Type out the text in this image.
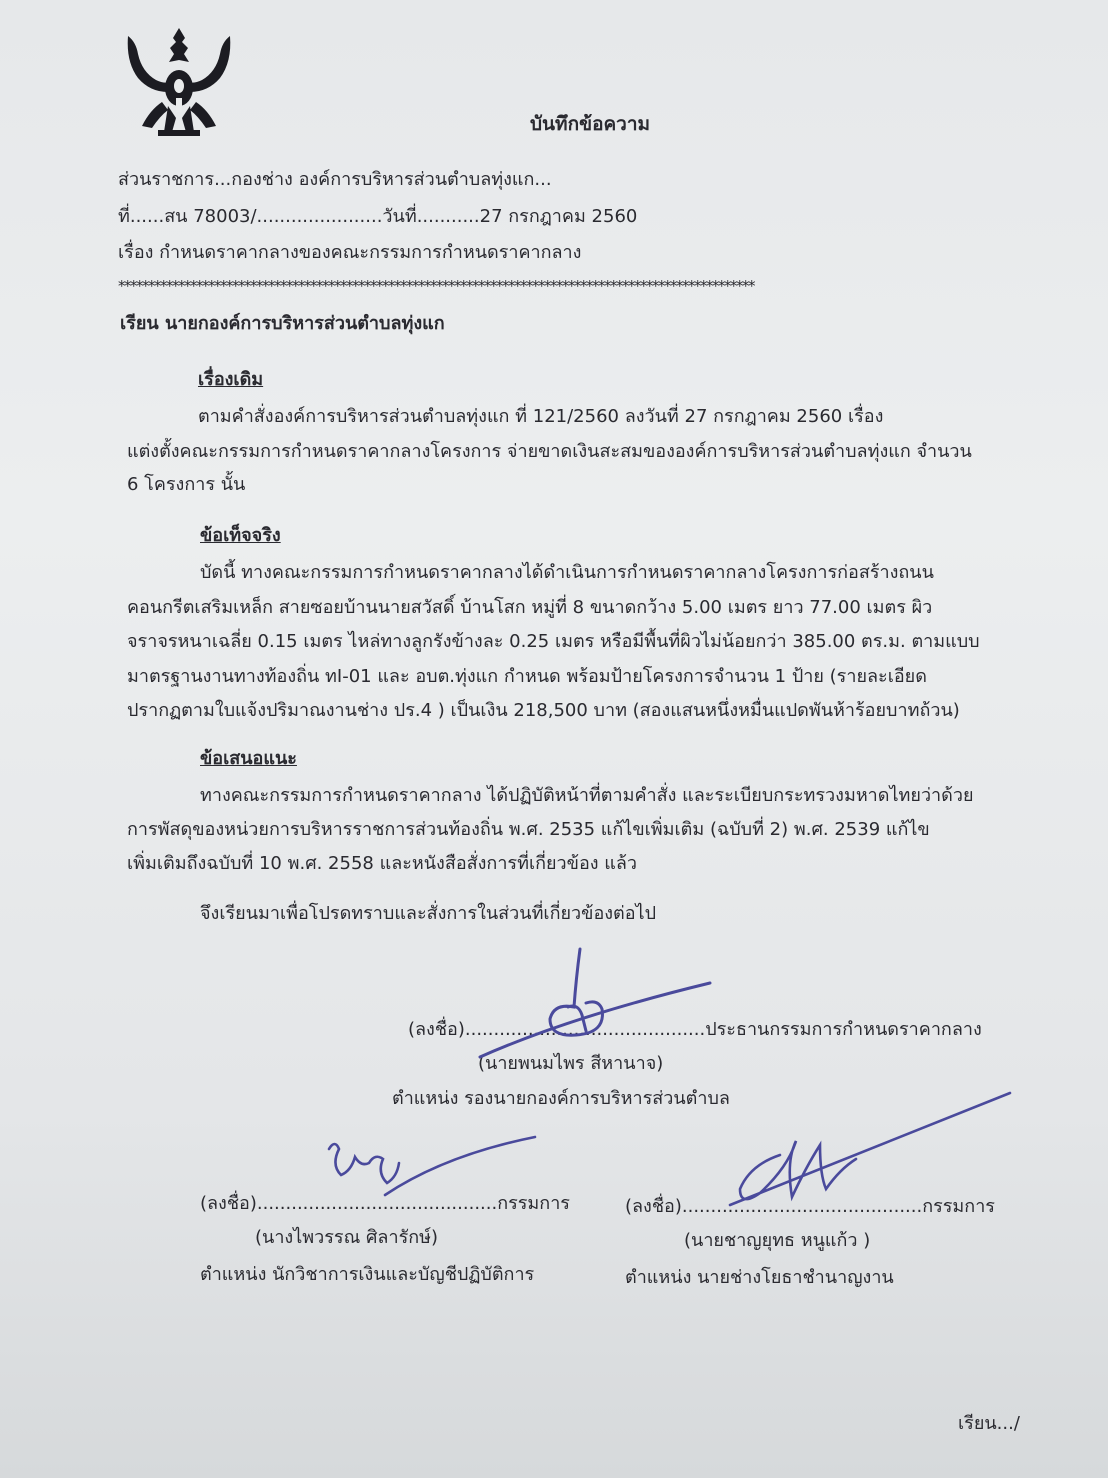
บันทึกข้อความ
ส่วนราชการ...กองช่าง องค์การบริหารส่วนตำบลทุ่งแก...
ที่......สน 78003/......................วันที่...........27 กรกฎาคม 2560
เรื่อง กำหนดราคากลางของคณะกรรมการกำหนดราคากลาง
**********************************************************************************************************
เรียน นายกองค์การบริหารส่วนตำบลทุ่งแก
เรื่องเดิม
ตามคำสั่งองค์การบริหารส่วนตำบลทุ่งแก ที่ 121/2560 ลงวันที่ 27 กรกฎาคม 2560 เรื่อง
แต่งตั้งคณะกรรมการกำหนดราคากลางโครงการ จ่ายขาดเงินสะสมขององค์การบริหารส่วนตำบลทุ่งแก จำนวน
6 โครงการ นั้น
ข้อเท็จจริง
บัดนี้ ทางคณะกรรมการกำหนดราคากลางได้ดำเนินการกำหนดราคากลางโครงการก่อสร้างถนน
คอนกรีตเสริมเหล็ก สายซอยบ้านนายสวัสดิ์ บ้านโสก หมู่ที่ 8 ขนาดกว้าง 5.00 เมตร ยาว 77.00 เมตร ผิว
จราจรหนาเฉลี่ย 0.15 เมตร ไหล่ทางลูกรังข้างละ 0.25 เมตร หรือมีพื้นที่ผิวไม่น้อยกว่า 385.00 ตร.ม. ตามแบบ
มาตรฐานงานทางท้องถิ่น ทI-01 และ อบต.ทุ่งแก กำหนด พร้อมป้ายโครงการจำนวน 1 ป้าย (รายละเอียด
ปรากฏตามใบแจ้งปริมาณงานช่าง ปร.4 ) เป็นเงิน 218,500 บาท (สองแสนหนึ่งหมื่นแปดพันห้าร้อยบาทถ้วน)
ข้อเสนอแนะ
ทางคณะกรรมการกำหนดราคากลาง ได้ปฏิบัติหน้าที่ตามคำสั่ง และระเบียบกระทรวงมหาดไทยว่าด้วย
การพัสดุของหน่วยการบริหารราชการส่วนท้องถิ่น พ.ศ. 2535 แก้ไขเพิ่มเติม (ฉบับที่ 2) พ.ศ. 2539 แก้ไข
เพิ่มเติมถึงฉบับที่ 10 พ.ศ. 2558 และหนังสือสั่งการที่เกี่ยวข้อง แล้ว
จึงเรียนมาเพื่อโปรดทราบและสั่งการในส่วนที่เกี่ยวข้องต่อไป
(ลงชื่อ)..........................................ประธานกรรมการกำหนดราคากลาง
(นายพนมไพร สีหานาจ)
ตำแหน่ง รองนายกองค์การบริหารส่วนตำบล
(ลงชื่อ)..........................................กรรมการ
(นางไพวรรณ ศิลารักษ์)
ตำแหน่ง นักวิชาการเงินและบัญชีปฏิบัติการ
(ลงชื่อ)..........................................กรรมการ
(นายชาญยุทธ หนูแก้ว )
ตำแหน่ง นายช่างโยธาชำนาญงาน
เรียน.../
